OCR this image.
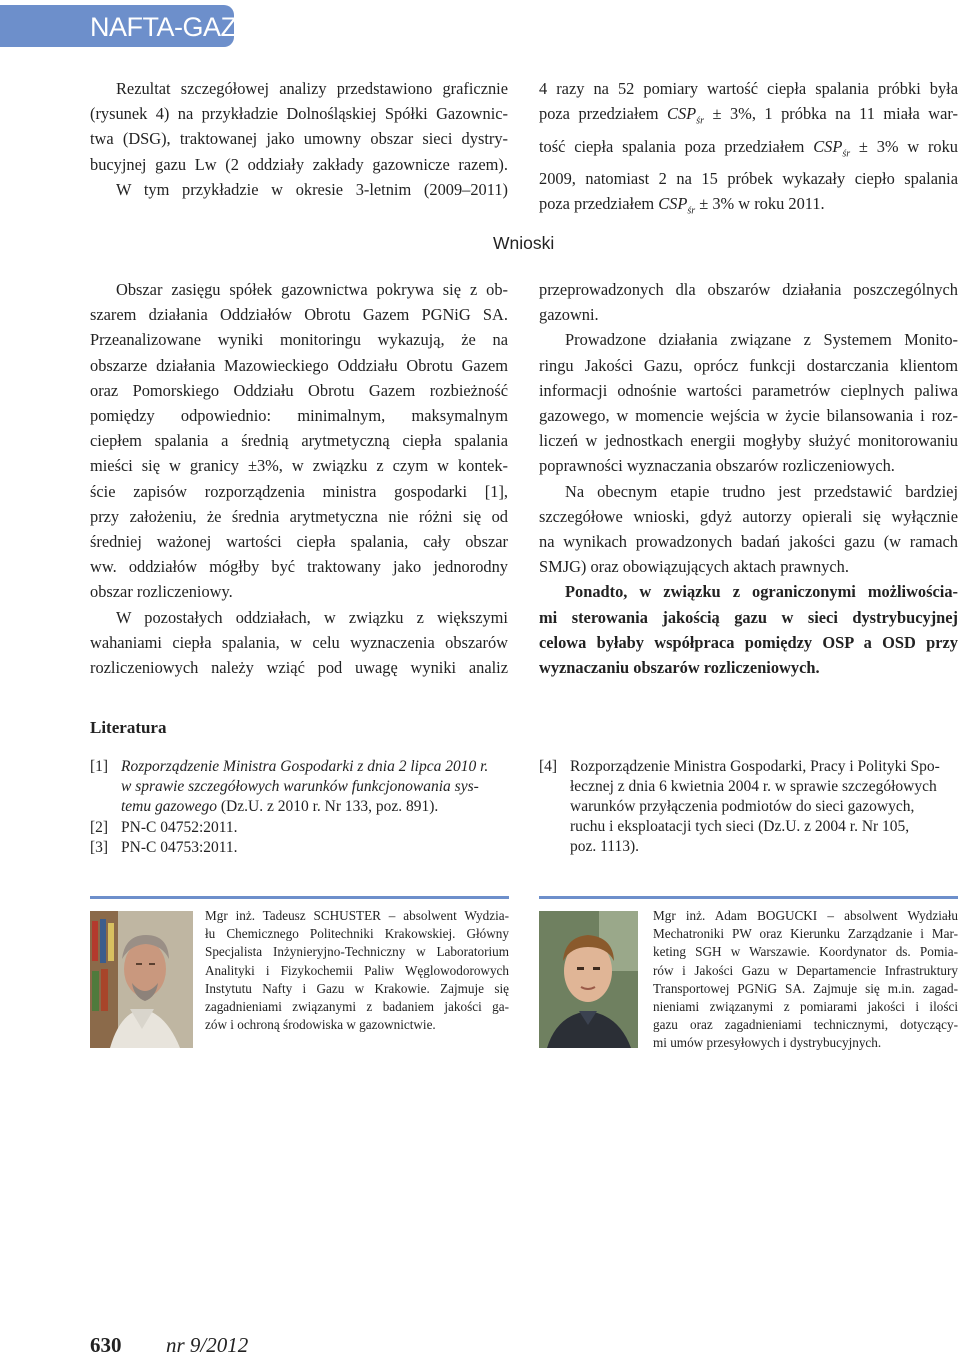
NAFTA-GAZ
Rezultat szczegółowej analizy przedstawiono graficznie
(rysunek 4) na przykładzie Dolnośląskiej Spółki Gazownic-
twa (DSG), traktowanej jako umowny obszar sieci dystry-
bucyjnej gazu Lw (2 oddziały zakłady gazownicze razem).
W tym przykładzie w okresie 3-letnim (2009–2011)
4 razy na 52 pomiary wartość ciepła spalania próbki była
poza przedziałem $CSP_{śr} \pm 3\%$, 1 próbka na 11 miała war-
tość ciepła spalania poza przedziałem $CSP_{śr} \pm 3\%$ w roku
2009, natomiast 2 na 15 próbek wykazały ciepło spalania
poza przedziałem $CSP_{śr} \pm 3\%$ w roku 2011.
Wnioski
Obszar zasięgu spółek gazownictwa pokrywa się z ob-
szarem działania Oddziałów Obrotu Gazem PGNiG SA.
Przeanalizowane wyniki monitoringu wykazują, że na
obszarze działania Mazowieckiego Oddziału Obrotu Gazem
oraz Pomorskiego Oddziału Obrotu Gazem rozbieżność
pomiędzy odpowiednio: minimalnym, maksymalnym
ciepłem spalania a średnią arytmetyczną ciepła spalania
mieści się w granicy ±3%, w związku z czym w kontek-
ście zapisów rozporządzenia ministra gospodarki [1],
przy założeniu, że średnia arytmetyczna nie różni się od
średniej ważonej wartości ciepła spalania, cały obszar
ww. oddziałów mógłby być traktowany jako jednorodny
obszar rozliczeniowy.
W pozostałych oddziałach, w związku z większymi
wahaniami ciepła spalania, w celu wyznaczenia obszarów
rozliczeniowych należy wziąć pod uwagę wyniki analiz
przeprowadzonych dla obszarów działania poszczególnych
gazowni.
Prowadzone działania związane z Systemem Monito-
ringu Jakości Gazu, oprócz funkcji dostarczania klientom
informacji odnośnie wartości parametrów cieplnych paliwa
gazowego, w momencie wejścia w życie bilansowania i roz-
liczeń w jednostkach energii mogłyby służyć monitorowaniu
poprawności wyznaczania obszarów rozliczeniowych.
Na obecnym etapie trudno jest przedstawić bardziej
szczegółowe wnioski, gdyż autorzy opierali się wyłącznie
na wynikach prowadzonych badań jakości gazu (w ramach
SMJG) oraz obowiązujących aktach prawnych.
Ponadto, w związku z ograniczonymi możliwościa-
mi sterowania jakością gazu w sieci dystrybucyjnej
celowa byłaby współpraca pomiędzy OSP a OSD przy
wyznaczaniu obszarów rozliczeniowych.
Literatura
[1] Rozporządzenie Ministra Gospodarki z dnia 2 lipca 2010 r.
w sprawie szczegółowych warunków funkcjonowania sys-
temu gazowego (Dz.U. z 2010 r. Nr 133, poz. 891).
[2] PN-C 04752:2011.
[3] PN-C 04753:2011.
[4] Rozporządzenie Ministra Gospodarki, Pracy i Polityki Spo-
łecznej z dnia 6 kwietnia 2004 r. w sprawie szczegółowych
warunków przyłączenia podmiotów do sieci gazowych,
ruchu i eksploatacji tych sieci (Dz.U. z 2004 r. Nr 105,
poz. 1113).
Mgr inż. Tadeusz SCHUSTER – absolwent Wydzia-
łu Chemicznego Politechniki Krakowskiej. Główny
Specjalista Inżynieryjno-Techniczny w Laboratorium
Analityki i Fizykochemii Paliw Węglowodorowych
Instytutu Nafty i Gazu w Krakowie. Zajmuje się
zagadnieniami związanymi z badaniem jakości ga-
zów i ochroną środowiska w gazownictwie.
Mgr inż. Adam BOGUCKI – absolwent Wydziału
Mechatroniki PW oraz Kierunku Zarządzanie i Mar-
keting SGH w Warszawie. Koordynator ds. Pomia-
rów i Jakości Gazu w Departamencie Infrastruktury
Transportowej PGNiG SA. Zajmuje się m.in. zagad-
nieniami związanymi z pomiarami jakości i ilości
gazu oraz zagadnieniami technicznymi, dotyczący-
mi umów przesyłowych i dystrybucyjnych.
630 nr 9/2012
